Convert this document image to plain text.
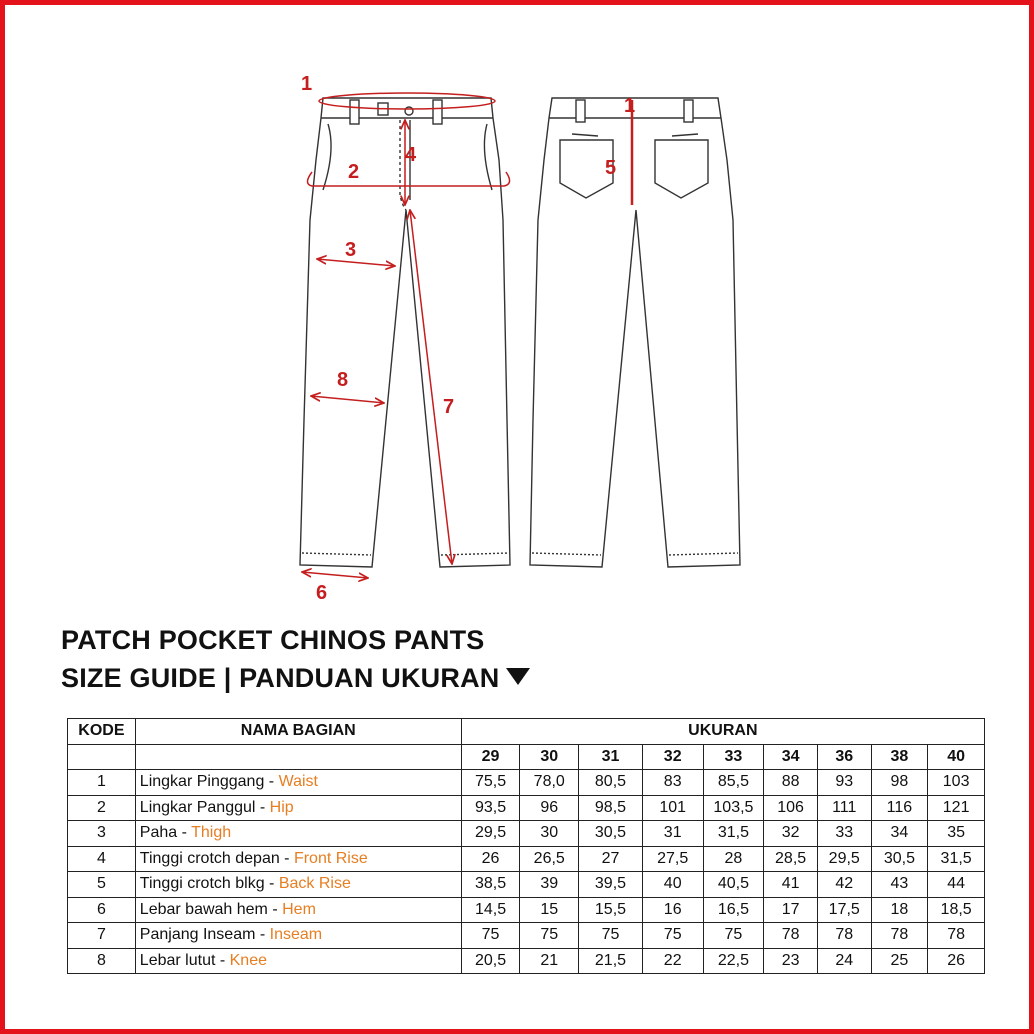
1
2
3
4
5
6
7
8
1
PATCH POCKET CHINOS PANTS
SIZE GUIDE | PANDUAN UKURAN
KODE	NAMA BAGIAN	UKURAN								
		29	30	31	32	33	34	36	38	40
1	Lingkar Pinggang - Waist	75,5	78,0	80,5	83	85,5	88	93	98	103
2	Lingkar Panggul - Hip	93,5	96	98,5	101	103,5	106	111	116	121
3	Paha - Thigh	29,5	30	30,5	31	31,5	32	33	34	35
4	Tinggi crotch depan - Front Rise	26	26,5	27	27,5	28	28,5	29,5	30,5	31,5
5	Tinggi crotch blkg - Back Rise	38,5	39	39,5	40	40,5	41	42	43	44
6	Lebar bawah hem - Hem	14,5	15	15,5	16	16,5	17	17,5	18	18,5
7	Panjang Inseam - Inseam	75	75	75	75	75	78	78	78	78
8	Lebar lutut - Knee	20,5	21	21,5	22	22,5	23	24	25	26
